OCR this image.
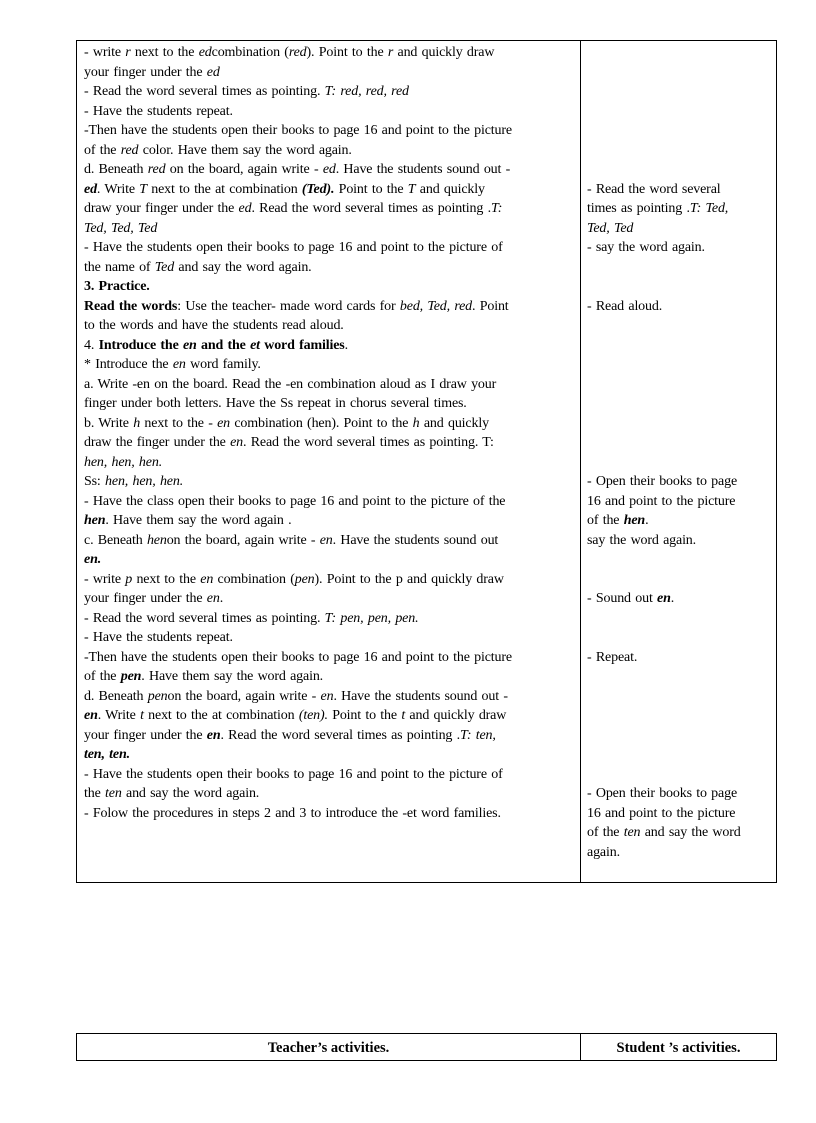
- write r next to the edcombination (red). Point to the r and quickly draw
your finger under the ed
- Read the word several times as pointing. T: red, red, red
- Have the students repeat.
-Then have the students open their books to page 16 and point to the picture
of the red color. Have them say the word again.
d. Beneath red on the board, again write - ed. Have the students sound out -
ed. Write T next to the at combination (Ted). Point to the T and quickly
draw your finger under the ed. Read the word several times as pointing .T:
Ted, Ted, Ted
- Have the students open their books to page 16 and point to the picture of
the name of Ted and say the word again.
3. Practice.
Read the words: Use the teacher- made word cards for bed, Ted, red. Point
to the words and have the students read aloud.
4. Introduce the en and the et word families.
* Introduce the en word family.
a. Write -en on the board. Read the -en combination aloud as I draw your
finger under both letters. Have the Ss repeat in chorus several times.
b. Write h next to the - en combination (hen). Point to the h and quickly
draw the finger under the en. Read the word several times as pointing. T:
hen, hen, hen.
Ss: hen, hen, hen.
- Have the class open their books to page 16 and point to the picture of the
hen. Have them say the word again .
c. Beneath henon the board, again write - en. Have the students sound out
en.
- write p next to the en combination (pen). Point to the p and quickly draw
your finger under the en.
- Read the word several times as pointing. T: pen, pen, pen.
- Have the students repeat.
-Then have the students open their books to page 16 and point to the picture
of the pen. Have them say the word again.
d. Beneath penon the board, again write - en. Have the students sound out -
en. Write t next to the at combination (ten). Point to the t and quickly draw
your finger under the en. Read the word several times as pointing .T: ten,
ten, ten.
- Have the students open their books to page 16 and point to the picture of
the ten and say the word again.
- Folow the procedures in steps 2 and 3 to introduce the -et word families.
- Read the word several
times as pointing .T: Ted,
Ted, Ted
- say the word again.
- Read aloud.
- Open their books to page
16 and point to the picture
of the hen.
say the word again.
- Sound out en.
- Repeat.
- Open their books to page
16 and point to the picture
of the ten and say the word
again.
Teacher’s activities.	Student ’s activities.
